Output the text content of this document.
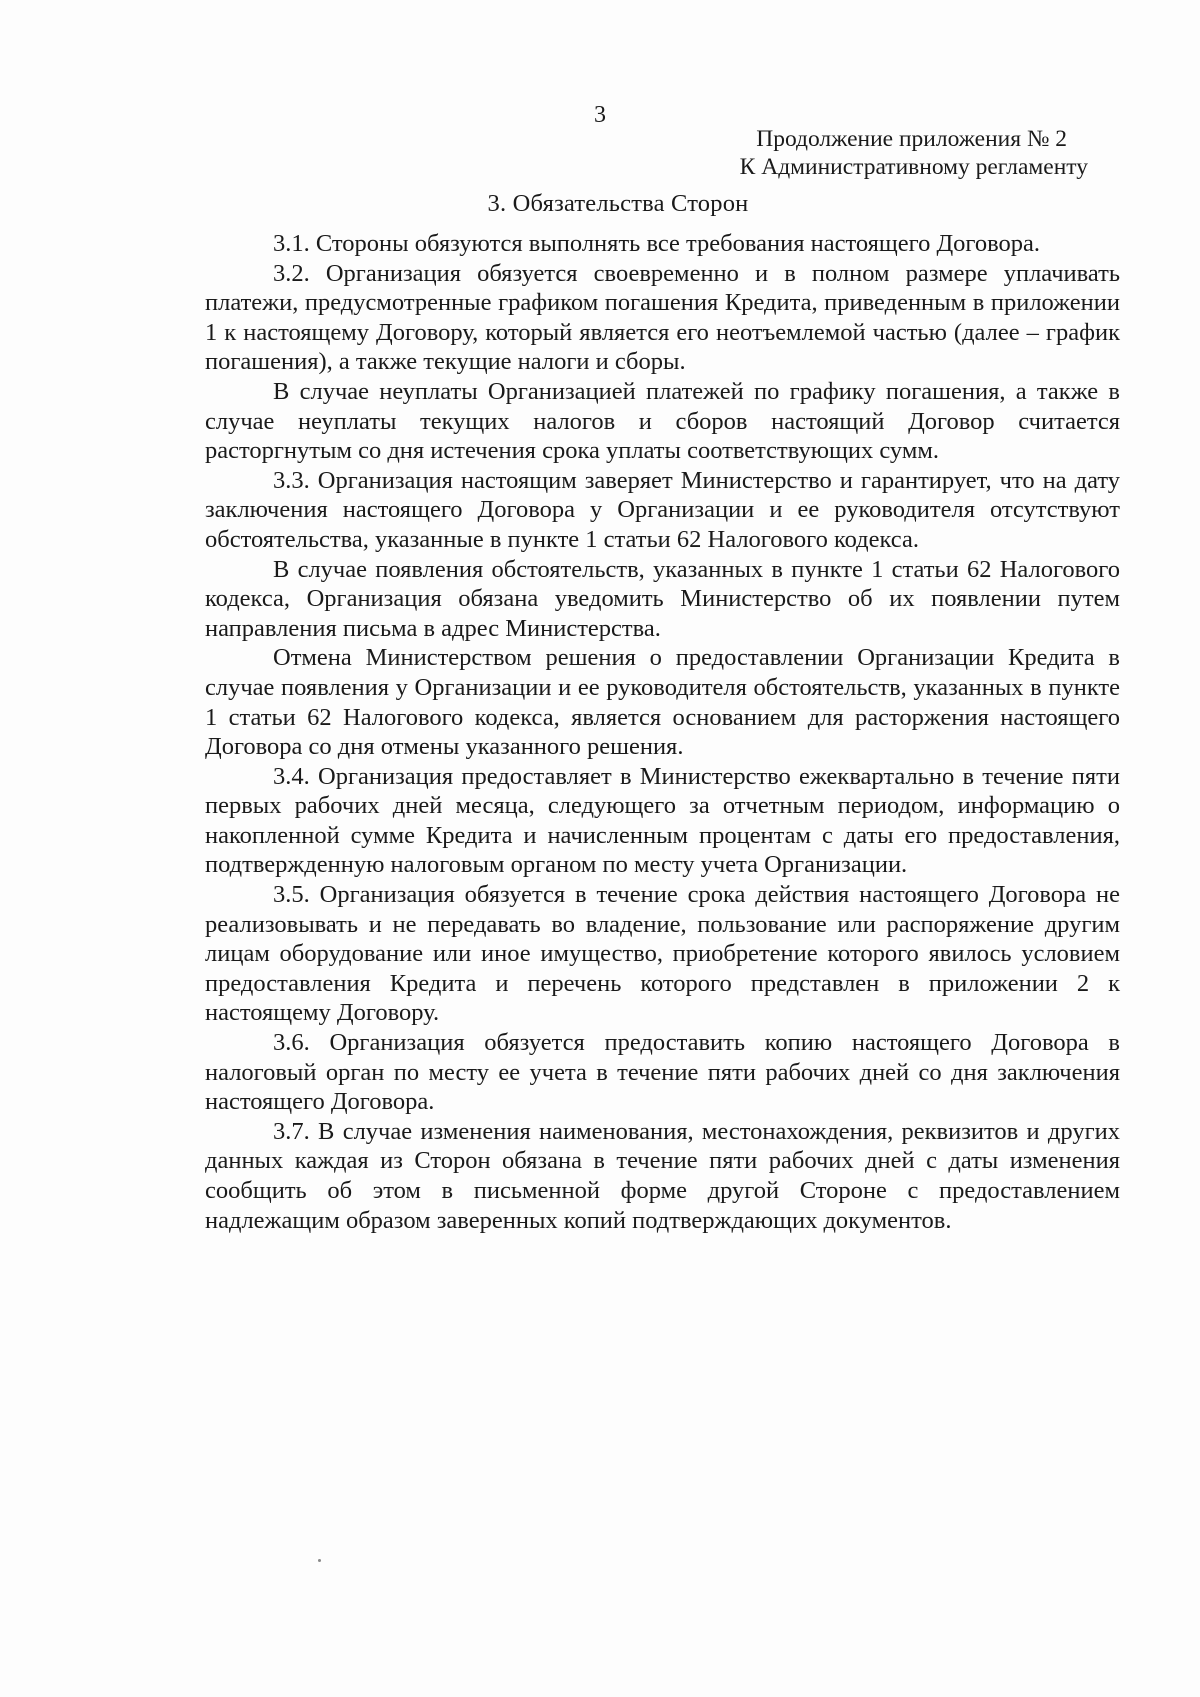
3
Продолжение приложения № 2
К Административному регламенту
3. Обязательства Сторон

3.1. Стороны обязуются выполнять все требования настоящего Договора.

3.2. Организация обязуется своевременно и в полном размере уплачивать платежи, предусмотренные графиком погашения Кредита, приведенным в приложении 1 к настоящему Договору, который является его неотъемлемой частью (далее – график погашения), а также текущие налоги и сборы.

В случае неуплаты Организацией платежей по графику погашения, а также в случае неуплаты текущих налогов и сборов настоящий Договор считается расторгнутым со дня истечения срока уплаты соответствующих сумм.

3.3. Организация настоящим заверяет Министерство и гарантирует, что на дату заключения настоящего Договора у Организации и ее руководителя отсутствуют обстоятельства, указанные в пункте 1 статьи 62 Налогового кодекса.

В случае появления обстоятельств, указанных в пункте 1 статьи 62 Налогового кодекса, Организация обязана уведомить Министерство об их появлении путем направления письма в адрес Министерства.

Отмена Министерством решения о предоставлении Организации Кредита в случае появления у Организации и ее руководителя обстоятельств, указанных в пункте 1 статьи 62 Налогового кодекса, является основанием для расторжения настоящего Договора со дня отмены указанного решения.

3.4. Организация предоставляет в Министерство ежеквартально в течение пяти первых рабочих дней месяца, следующего за отчетным периодом, информацию о накопленной сумме Кредита и начисленным процентам с даты его предоставления, подтвержденную налоговым органом по месту учета Организации.

3.5. Организация обязуется в течение срока действия настоящего Договора не реализовывать и не передавать во владение, пользование или распоряжение другим лицам оборудование или иное имущество, приобретение которого явилось условием предоставления Кредита и перечень которого представлен в приложении 2 к настоящему Договору.

3.6. Организация обязуется предоставить копию настоящего Договора в налоговый орган по месту ее учета в течение пяти рабочих дней со дня заключения настоящего Договора.

3.7. В случае изменения наименования, местонахождения, реквизитов и других данных каждая из Сторон обязана в течение пяти рабочих дней с даты изменения сообщить об этом в письменной форме другой Стороне с предоставлением надлежащим образом заверенных копий подтверждающих документов.
